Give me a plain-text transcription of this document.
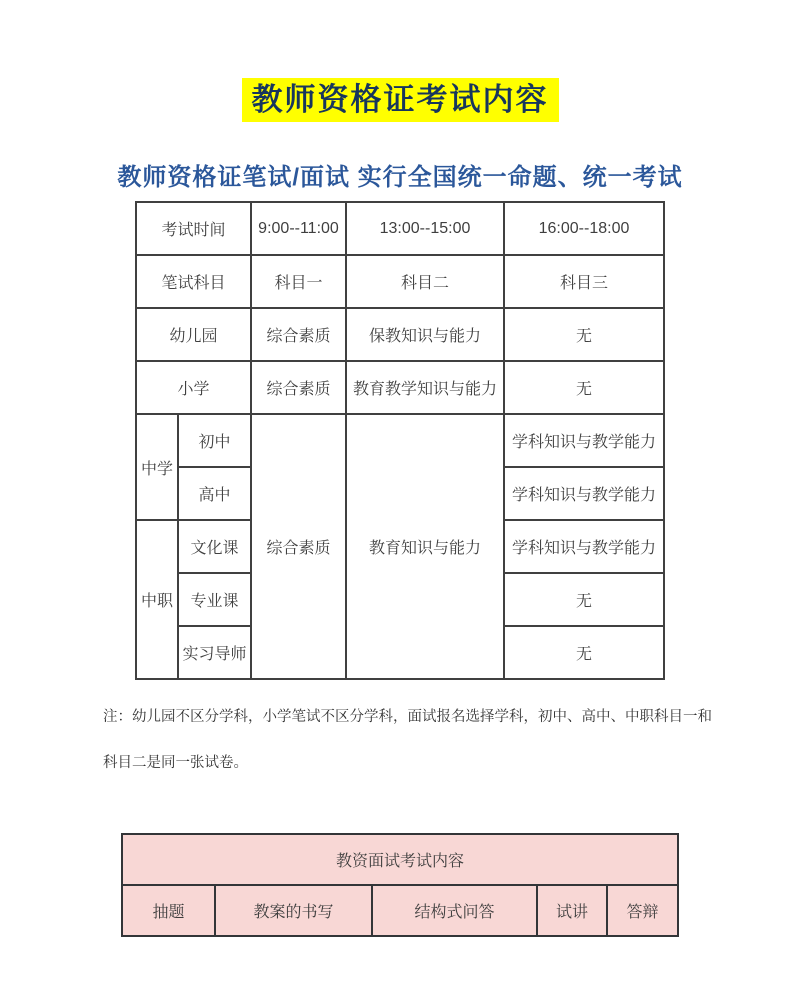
教师资格证考试内容
教师资格证笔试/面试 实行全国统一命题、统一考试
考试时间		9:00--11:00	13:00--15:00	16:00--18:00
笔试科目		科目一	科目二	科目三
幼儿园		综合素质	保教知识与能力	无
小学		综合素质	教育教学知识与能力	无
中学	初中	综合素质	教育知识与能力	学科知识与教学能力
	高中			学科知识与教学能力
中职	文化课			学科知识与教学能力
	专业课			无
	实习导师			无
注：幼儿园不区分学科，小学笔试不区分学科，面试报名选择学科，初中、高中、中职科目一和
科目二是同一张试卷。
教资面试考试内容
抽题	教案的书写	结构式问答	试讲	答辩
